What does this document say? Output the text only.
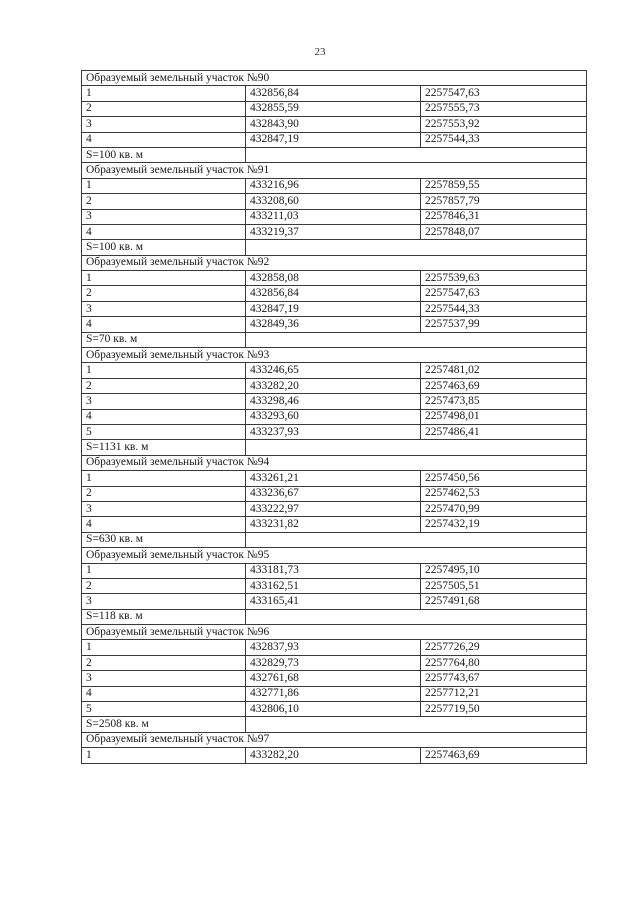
23
Образуемый земельный участок №90		
1	432856,84	2257547,63
2	432855,59	2257555,73
3	432843,90	2257553,92
4	432847,19	2257544,33
S=100 кв. м		
Образуемый земельный участок №91		
1	433216,96	2257859,55
2	433208,60	2257857,79
3	433211,03	2257846,31
4	433219,37	2257848,07
S=100 кв. м		
Образуемый земельный участок №92		
1	432858,08	2257539,63
2	432856,84	2257547,63
3	432847,19	2257544,33
4	432849,36	2257537,99
S=70 кв. м		
Образуемый земельный участок №93		
1	433246,65	2257481,02
2	433282,20	2257463,69
3	433298,46	2257473,85
4	433293,60	2257498,01
5	433237,93	2257486,41
S=1131 кв. м		
Образуемый земельный участок №94		
1	433261,21	2257450,56
2	433236,67	2257462,53
3	433222,97	2257470,99
4	433231,82	2257432,19
S=630 кв. м		
Образуемый земельный участок №95		
1	433181,73	2257495,10
2	433162,51	2257505,51
3	433165,41	2257491,68
S=118 кв. м		
Образуемый земельный участок №96		
1	432837,93	2257726,29
2	432829,73	2257764,80
3	432761,68	2257743,67
4	432771,86	2257712,21
5	432806,10	2257719,50
S=2508 кв. м		
Образуемый земельный участок №97		
1	433282,20	2257463,69
